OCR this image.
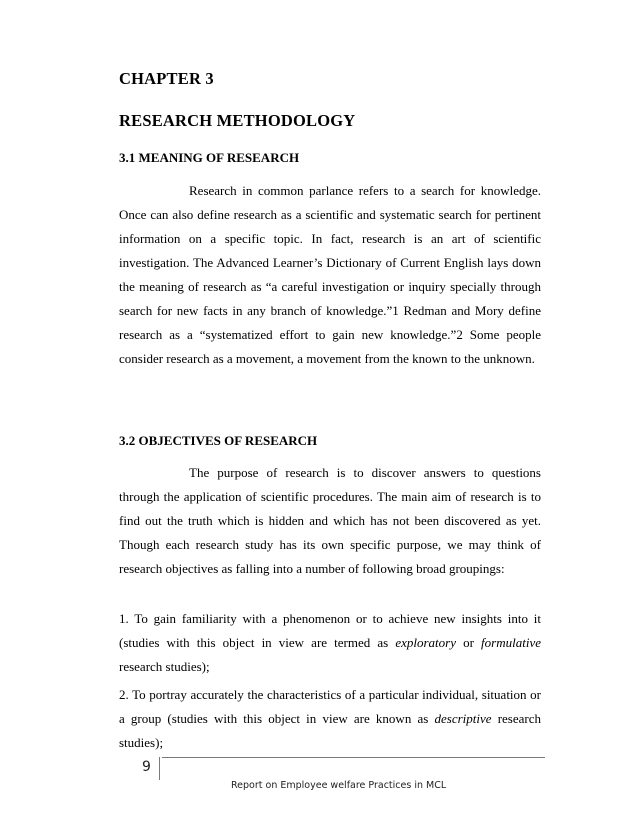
CHAPTER 3
RESEARCH METHODOLOGY
3.1 MEANING OF RESEARCH
Research in common parlance refers to a search for knowledge. Once can also define research as a scientific and systematic search for pertinent information on a specific topic. In fact, research is an art of scientific investigation. The Advanced Learner’s Dictionary of Current English lays down the meaning of research as “a careful investigation or inquiry specially through search for new facts in any branch of knowledge.”1 Redman and Mory define research as a “systematized effort to gain new knowledge.”2 Some people consider research as a movement, a movement from the known to the unknown.
3.2 OBJECTIVES OF RESEARCH
The purpose of research is to discover answers to questions through the application of scientific procedures. The main aim of research is to find out the truth which is hidden and which has not been discovered as yet. Though each research study has its own specific purpose, we may think of research objectives as falling into a number of following broad groupings:
1. To gain familiarity with a phenomenon or to achieve new insights into it (studies with this object in view are termed as exploratory or formulative research studies);
2. To portray accurately the characteristics of a particular individual, situation or a group (studies with this object in view are known as descriptive research studies);
9
Report on Employee welfare Practices in MCL
